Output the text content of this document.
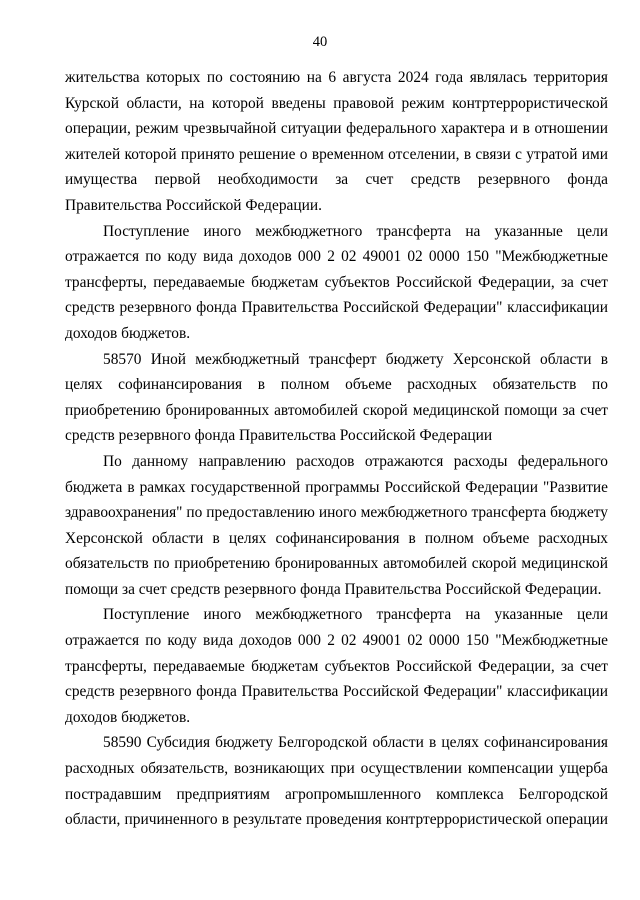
40

жительства которых по состоянию на 6 августа 2024 года являлась территория Курской области, на которой введены правовой режим контртеррористической операции, режим чрезвычайной ситуации федерального характера и в отношении жителей которой принято решение о временном отселении, в связи с утратой ими имущества первой необходимости за счет средств резервного фонда Правительства Российской Федерации.

Поступление иного межбюджетного трансферта на указанные цели отражается по коду вида доходов 000 2 02 49001 02 0000 150 "Межбюджетные трансферты, передаваемые бюджетам субъектов Российской Федерации, за счет средств резервного фонда Правительства Российской Федерации" классификации доходов бюджетов.

58570 Иной межбюджетный трансферт бюджету Херсонской области в целях софинансирования в полном объеме расходных обязательств по приобретению бронированных автомобилей скорой медицинской помощи за счет средств резервного фонда Правительства Российской Федерации

По данному направлению расходов отражаются расходы федерального бюджета в рамках государственной программы Российской Федерации "Развитие здравоохранения" по предоставлению иного межбюджетного трансферта бюджету Херсонской области в целях софинансирования в полном объеме расходных обязательств по приобретению бронированных автомобилей скорой медицинской помощи за счет средств резервного фонда Правительства Российской Федерации.

Поступление иного межбюджетного трансферта на указанные цели отражается по коду вида доходов 000 2 02 49001 02 0000 150 "Межбюджетные трансферты, передаваемые бюджетам субъектов Российской Федерации, за счет средств резервного фонда Правительства Российской Федерации" классификации доходов бюджетов.

58590 Субсидия бюджету Белгородской области в целях софинансирования расходных обязательств, возникающих при осуществлении компенсации ущерба пострадавшим предприятиям агропромышленного комплекса Белгородской области, причиненного в результате проведения контртеррористической операции
